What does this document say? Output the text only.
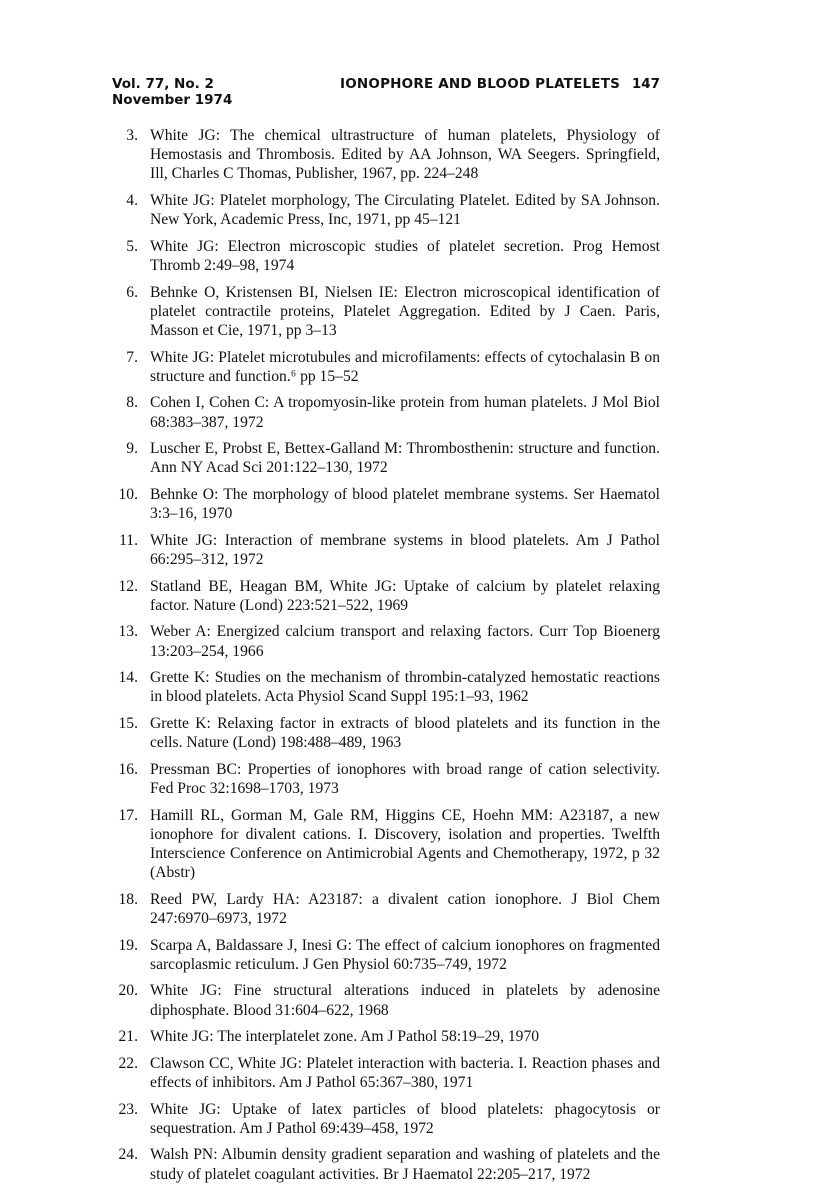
Vol. 77, No. 2
November 1974
IONOPHORE AND BLOOD PLATELETS 147
3. White JG: The chemical ultrastructure of human platelets, Physiology of Hemostasis and Thrombosis. Edited by AA Johnson, WA Seegers. Springfield, Ill, Charles C Thomas, Publisher, 1967, pp. 224–248
4. White JG: Platelet morphology, The Circulating Platelet. Edited by SA Johnson. New York, Academic Press, Inc, 1971, pp 45–121
5. White JG: Electron microscopic studies of platelet secretion. Prog Hemost Thromb 2:49–98, 1974
6. Behnke O, Kristensen BI, Nielsen IE: Electron microscopical identification of platelet contractile proteins, Platelet Aggregation. Edited by J Caen. Paris, Masson et Cie, 1971, pp 3–13
7. White JG: Platelet microtubules and microfilaments: effects of cytochalasin B on structure and function.⁶ pp 15–52
8. Cohen I, Cohen C: A tropomyosin-like protein from human platelets. J Mol Biol 68:383–387, 1972
9. Luscher E, Probst E, Bettex-Galland M: Thrombosthenin: structure and function. Ann NY Acad Sci 201:122–130, 1972
10. Behnke O: The morphology of blood platelet membrane systems. Ser Haematol 3:3–16, 1970
11. White JG: Interaction of membrane systems in blood platelets. Am J Pathol 66:295–312, 1972
12. Statland BE, Heagan BM, White JG: Uptake of calcium by platelet relaxing factor. Nature (Lond) 223:521–522, 1969
13. Weber A: Energized calcium transport and relaxing factors. Curr Top Bioenerg 13:203–254, 1966
14. Grette K: Studies on the mechanism of thrombin-catalyzed hemostatic reactions in blood platelets. Acta Physiol Scand Suppl 195:1–93, 1962
15. Grette K: Relaxing factor in extracts of blood platelets and its function in the cells. Nature (Lond) 198:488–489, 1963
16. Pressman BC: Properties of ionophores with broad range of cation selectivity. Fed Proc 32:1698–1703, 1973
17. Hamill RL, Gorman M, Gale RM, Higgins CE, Hoehn MM: A23187, a new ionophore for divalent cations. I. Discovery, isolation and properties. Twelfth Interscience Conference on Antimicrobial Agents and Chemotherapy, 1972, p 32 (Abstr)
18. Reed PW, Lardy HA: A23187: a divalent cation ionophore. J Biol Chem 247:6970–6973, 1972
19. Scarpa A, Baldassare J, Inesi G: The effect of calcium ionophores on fragmented sarcoplasmic reticulum. J Gen Physiol 60:735–749, 1972
20. White JG: Fine structural alterations induced in platelets by adenosine diphosphate. Blood 31:604–622, 1968
21. White JG: The interplatelet zone. Am J Pathol 58:19–29, 1970
22. Clawson CC, White JG: Platelet interaction with bacteria. I. Reaction phases and effects of inhibitors. Am J Pathol 65:367–380, 1971
23. White JG: Uptake of latex particles of blood platelets: phagocytosis or sequestration. Am J Pathol 69:439–458, 1972
24. Walsh PN: Albumin density gradient separation and washing of platelets and the study of platelet coagulant activities. Br J Haematol 22:205–217, 1972
